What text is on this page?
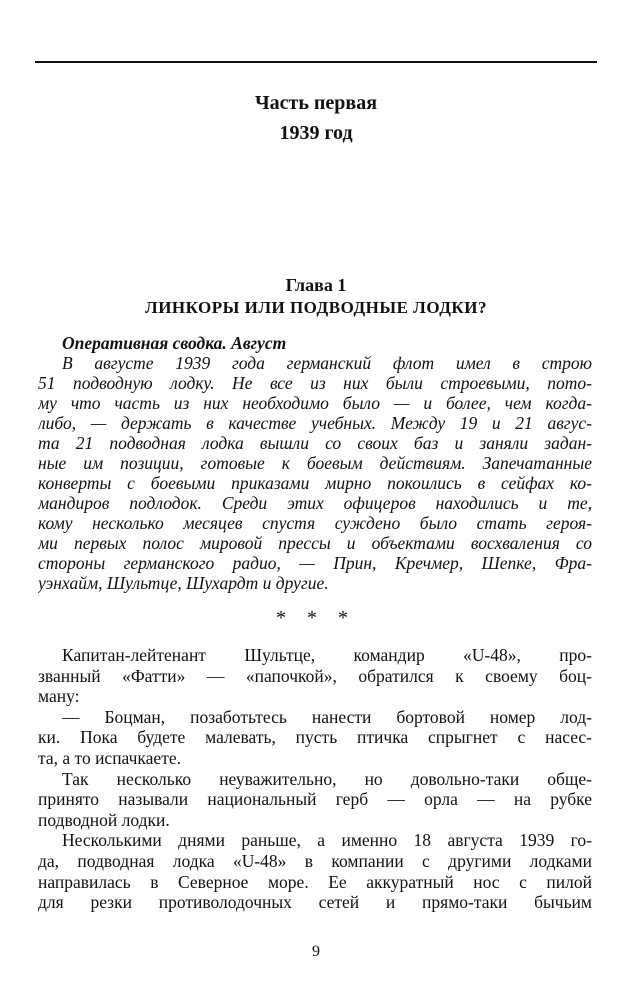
Часть первая
1939 год
Глава 1
ЛИНКОРЫ ИЛИ ПОДВОДНЫЕ ЛОДКИ?
Оперативная сводка. Август
В августе 1939 года германский флот имел в строю
51 подводную лодку. Не все из них были строевыми, пото-
му что часть из них необходимо было — и более, чем когда-
либо, — держать в качестве учебных. Между 19 и 21 авгус-
та 21 подводная лодка вышли со своих баз и заняли задан-
ные им позиции, готовые к боевым действиям. Запечатанные
конверты с боевыми приказами мирно покоились в сейфах ко-
мандиров подлодок. Среди этих офицеров находились и те,
кому несколько месяцев спустя суждено было стать героя-
ми первых полос мировой прессы и объектами восхваления со
стороны германского радио, — Прин, Кречмер, Шепке, Фра-
уэнхайм, Шультце, Шухардт и другие.
* * *
Капитан-лейтенант Шультце, командир «U-48», про-
званный «Фатти» — «папочкой», обратился к своему боц-
ману:
— Боцман, позаботьтесь нанести бортовой номер лод-
ки. Пока будете малевать, пусть птичка спрыгнет с насес-
та, а то испачкаете.
Так несколько неуважительно, но довольно-таки обще-
принято называли национальный герб — орла — на рубке
подводной лодки.
Несколькими днями раньше, а именно 18 августа 1939 го-
да, подводная лодка «U-48» в компании с другими лодками
направилась в Северное море. Ее аккуратный нос с пилой
для резки противолодочных сетей и прямо-таки бычьим
9
